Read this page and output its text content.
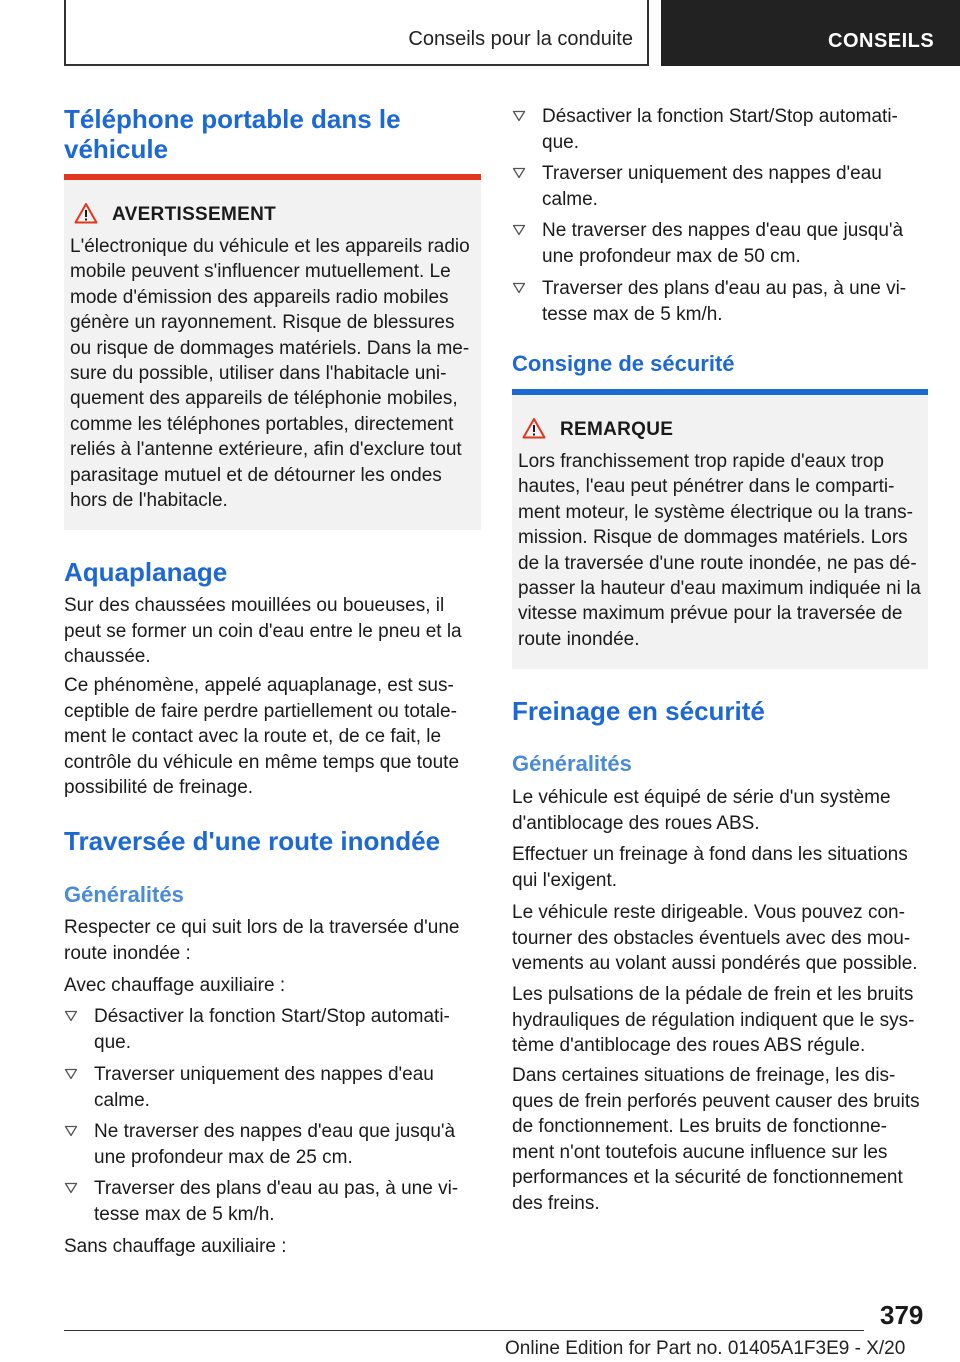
Conseils pour la conduite	CONSEILS
Téléphone portable dans le
véhicule
AVERTISSEMENT
L'électronique du véhicule et les appareils radio
mobile peuvent s'influencer mutuellement. Le
mode d'émission des appareils radio mobiles
génère un rayonnement. Risque de blessures
ou risque de dommages matériels. Dans la me-
sure du possible, utiliser dans l'habitacle uni-
quement des appareils de téléphonie mobiles,
comme les téléphones portables, directement
reliés à l'antenne extérieure, afin d'exclure tout
parasitage mutuel et de détourner les ondes
hors de l'habitacle.
Aquaplanage
Sur des chaussées mouillées ou boueuses, il
peut se former un coin d'eau entre le pneu et la
chaussée.
Ce phénomène, appelé aquaplanage, est sus-
ceptible de faire perdre partiellement ou totale-
ment le contact avec la route et, de ce fait, le
contrôle du véhicule en même temps que toute
possibilité de freinage.
Traversée d'une route inondée
Généralités
Respecter ce qui suit lors de la traversée d'une
route inondée :
Avec chauffage auxiliaire :
Désactiver la fonction Start/Stop automati-
que.
Traverser uniquement des nappes d'eau
calme.
Ne traverser des nappes d'eau que jusqu'à
une profondeur max de 25 cm.
Traverser des plans d'eau au pas, à une vi-
tesse max de 5 km/h.
Sans chauffage auxiliaire :
Désactiver la fonction Start/Stop automati-
que.
Traverser uniquement des nappes d'eau
calme.
Ne traverser des nappes d'eau que jusqu'à
une profondeur max de 50 cm.
Traverser des plans d'eau au pas, à une vi-
tesse max de 5 km/h.
Consigne de sécurité
REMARQUE
Lors franchissement trop rapide d'eaux trop
hautes, l'eau peut pénétrer dans le comparti-
ment moteur, le système électrique ou la trans-
mission. Risque de dommages matériels. Lors
de la traversée d'une route inondée, ne pas dé-
passer la hauteur d'eau maximum indiquée ni la
vitesse maximum prévue pour la traversée de
route inondée.
Freinage en sécurité
Généralités
Le véhicule est équipé de série d'un système
d'antiblocage des roues ABS.
Effectuer un freinage à fond dans les situations
qui l'exigent.
Le véhicule reste dirigeable. Vous pouvez con-
tourner des obstacles éventuels avec des mou-
vements au volant aussi pondérés que possible.
Les pulsations de la pédale de frein et les bruits
hydrauliques de régulation indiquent que le sys-
tème d'antiblocage des roues ABS régule.
Dans certaines situations de freinage, les dis-
ques de frein perforés peuvent causer des bruits
de fonctionnement. Les bruits de fonctionne-
ment n'ont toutefois aucune influence sur les
performances et la sécurité de fonctionnement
des freins.
379
Online Edition for Part no. 01405A1F3E9 - X/20
